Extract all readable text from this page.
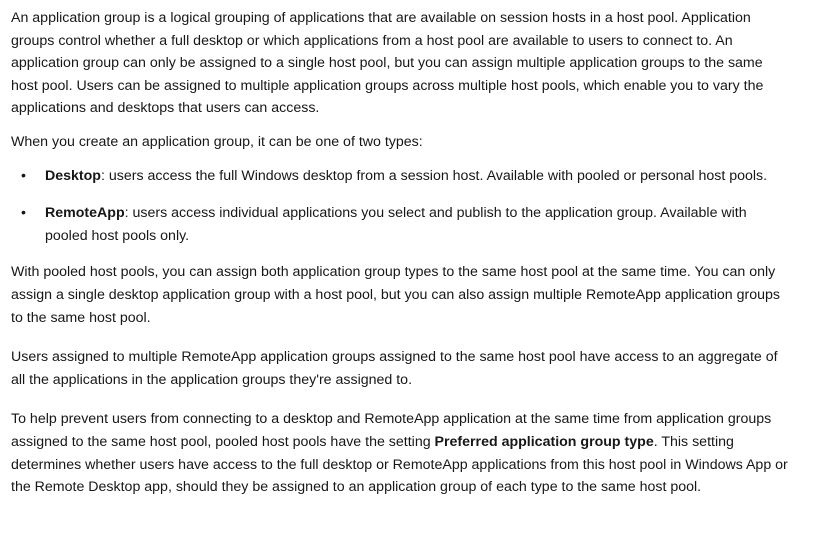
An application group is a logical grouping of applications that are available on session hosts in a host pool. Application groups control whether a full desktop or which applications from a host pool are available to users to connect to. An application group can only be assigned to a single host pool, but you can assign multiple application groups to the same host pool. Users can be assigned to multiple application groups across multiple host pools, which enable you to vary the applications and desktops that users can access.

When you create an application group, it can be one of two types:

• Desktop: users access the full Windows desktop from a session host. Available with pooled or personal host pools.
• RemoteApp: users access individual applications you select and publish to the application group. Available with pooled host pools only.

With pooled host pools, you can assign both application group types to the same host pool at the same time. You can only assign a single desktop application group with a host pool, but you can also assign multiple RemoteApp application groups to the same host pool.

Users assigned to multiple RemoteApp application groups assigned to the same host pool have access to an aggregate of all the applications in the application groups they're assigned to.

To help prevent users from connecting to a desktop and RemoteApp application at the same time from application groups assigned to the same host pool, pooled host pools have the setting Preferred application group type. This setting determines whether users have access to the full desktop or RemoteApp applications from this host pool in Windows App or the Remote Desktop app, should they be assigned to an application group of each type to the same host pool.
